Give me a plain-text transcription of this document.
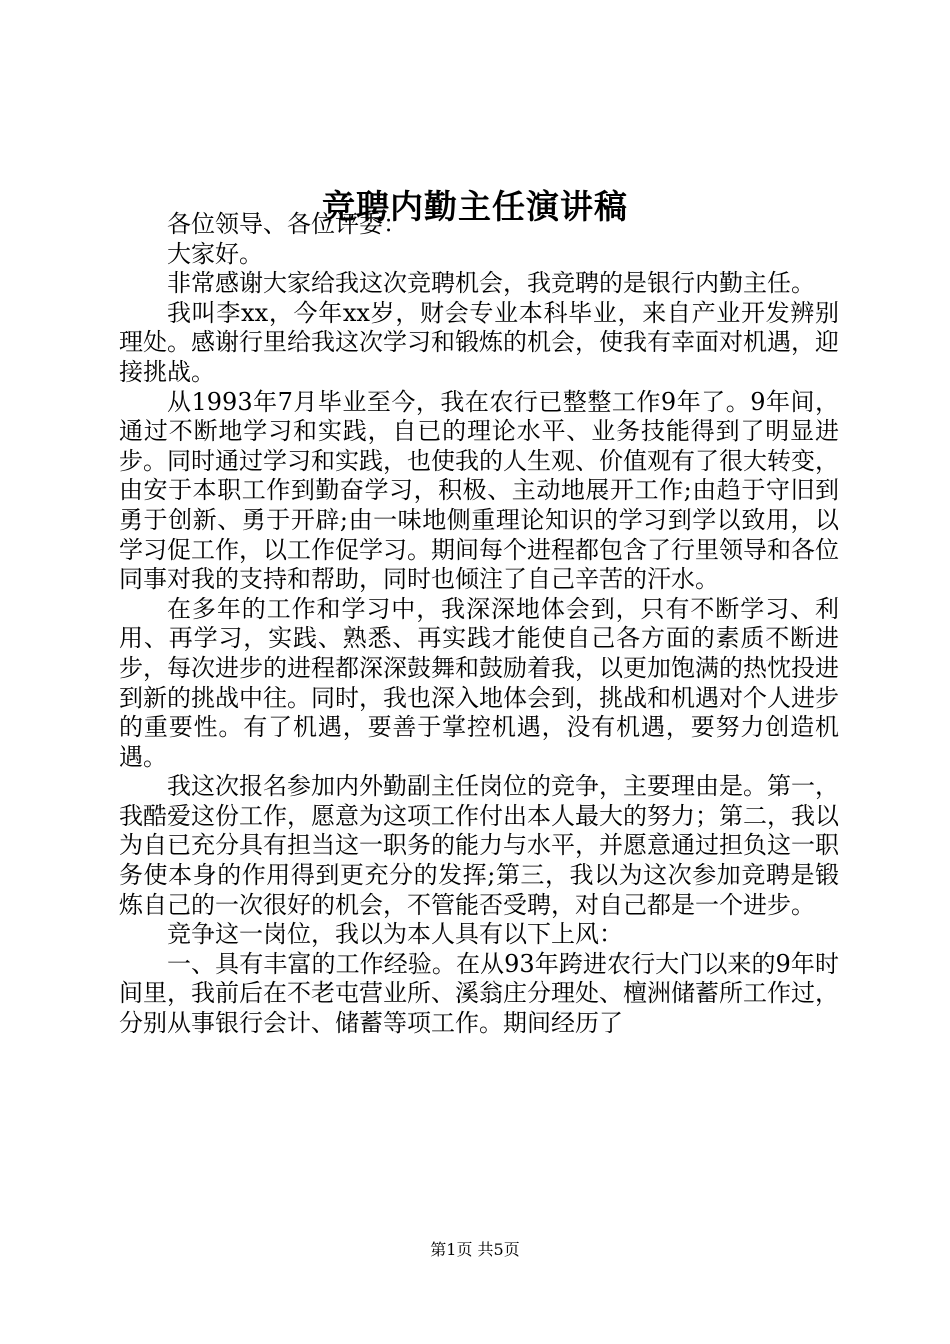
竞聘内勤主任演讲稿

各位领导、各位评委：

大家好。

非常感谢大家给我这次竞聘机会，我竞聘的是银行内勤主任。

我叫李xx，今年xx岁，财会专业本科毕业，来自产业开发辨别理处。感谢行里给我这次学习和锻炼的机会，使我有幸面对机遇，迎接挑战。

从1993年7月毕业至今，我在农行已整整工作9年了。9年间，通过不断地学习和实践，自已的理论水平、业务技能得到了明显进步。同时通过学习和实践，也使我的人生观、价值观有了很大转变，由安于本职工作到勤奋学习，积极、主动地展开工作;由趋于守旧到勇于创新、勇于开辟;由一味地侧重理论知识的学习到学以致用，以学习促工作，以工作促学习。期间每个进程都包含了行里领导和各位同事对我的支持和帮助，同时也倾注了自己辛苦的汗水。

在多年的工作和学习中，我深深地体会到，只有不断学习、利用、再学习，实践、熟悉、再实践才能使自己各方面的素质不断进步，每次进步的进程都深深鼓舞和鼓励着我，以更加饱满的热忱投进到新的挑战中往。同时，我也深入地体会到，挑战和机遇对个人进步的重要性。有了机遇，要善于掌控机遇，没有机遇，要努力创造机遇。

我这次报名参加内外勤副主任岗位的竞争，主要理由是。第一，我酷爱这份工作，愿意为这项工作付出本人最大的努力；第二，我以为自已充分具有担当这一职务的能力与水平，并愿意通过担负这一职务使本身的作用得到更充分的发挥;第三，我以为这次参加竞聘是锻炼自己的一次很好的机会，不管能否受聘，对自己都是一个进步。

竞争这一岗位，我以为本人具有以下上风：

一、具有丰富的工作经验。在从93年跨进农行大门以来的9年时间里，我前后在不老屯营业所、溪翁庄分理处、檀洲储蓄所工作过，分别从事银行会计、储蓄等项工作。期间经历了

第1页 共5页
